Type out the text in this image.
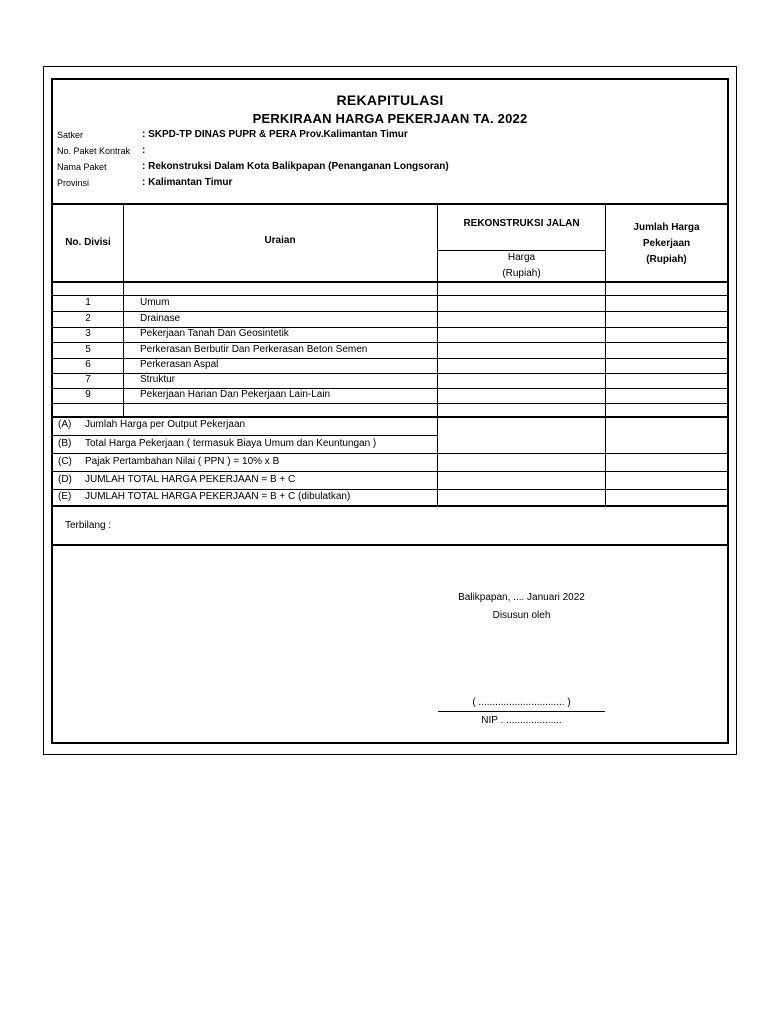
REKAPITULASI
PERKIRAAN HARGA PEKERJAAN TA. 2022
Satker	: SKPD-TP DINAS PUPR & PERA Prov.Kalimantan Timur
No. Paket Kontrak :
Nama Paket	: Rekonstruksi Dalam Kota Balikpapan (Penanganan Longsoran)
Provinsi	: Kalimantan Timur
No. Divisi	Uraian
REKONSTRUKSI JALAN
Harga
(Rupiah)
Jumlah Harga
Pekerjaan
(Rupiah)
1	Umum
2	Drainase
3	Pekerjaan Tanah Dan Geosintetik
5	Perkerasan Berbutir Dan Perkerasan Beton Semen
6	Perkerasan Aspal
7	Struktur
9	Pekerjaan Harian Dan Pekerjaan Lain-Lain
(A) Jumlah Harga per Output Pekerjaan
(B) Total Harga Pekerjaan ( termasuk Biaya Umum dan Keuntungan )
(C) Pajak Pertambahan Nilai ( PPN ) = 10% x B
(D) JUMLAH TOTAL HARGA PEKERJAAN = B + C
(E) JUMLAH TOTAL HARGA PEKERJAAN = B + C (dibulatkan)
Terbilang :
Balikpapan, .... Januari 2022
Disusun oleh
( ............................... )
NIP . ....................
